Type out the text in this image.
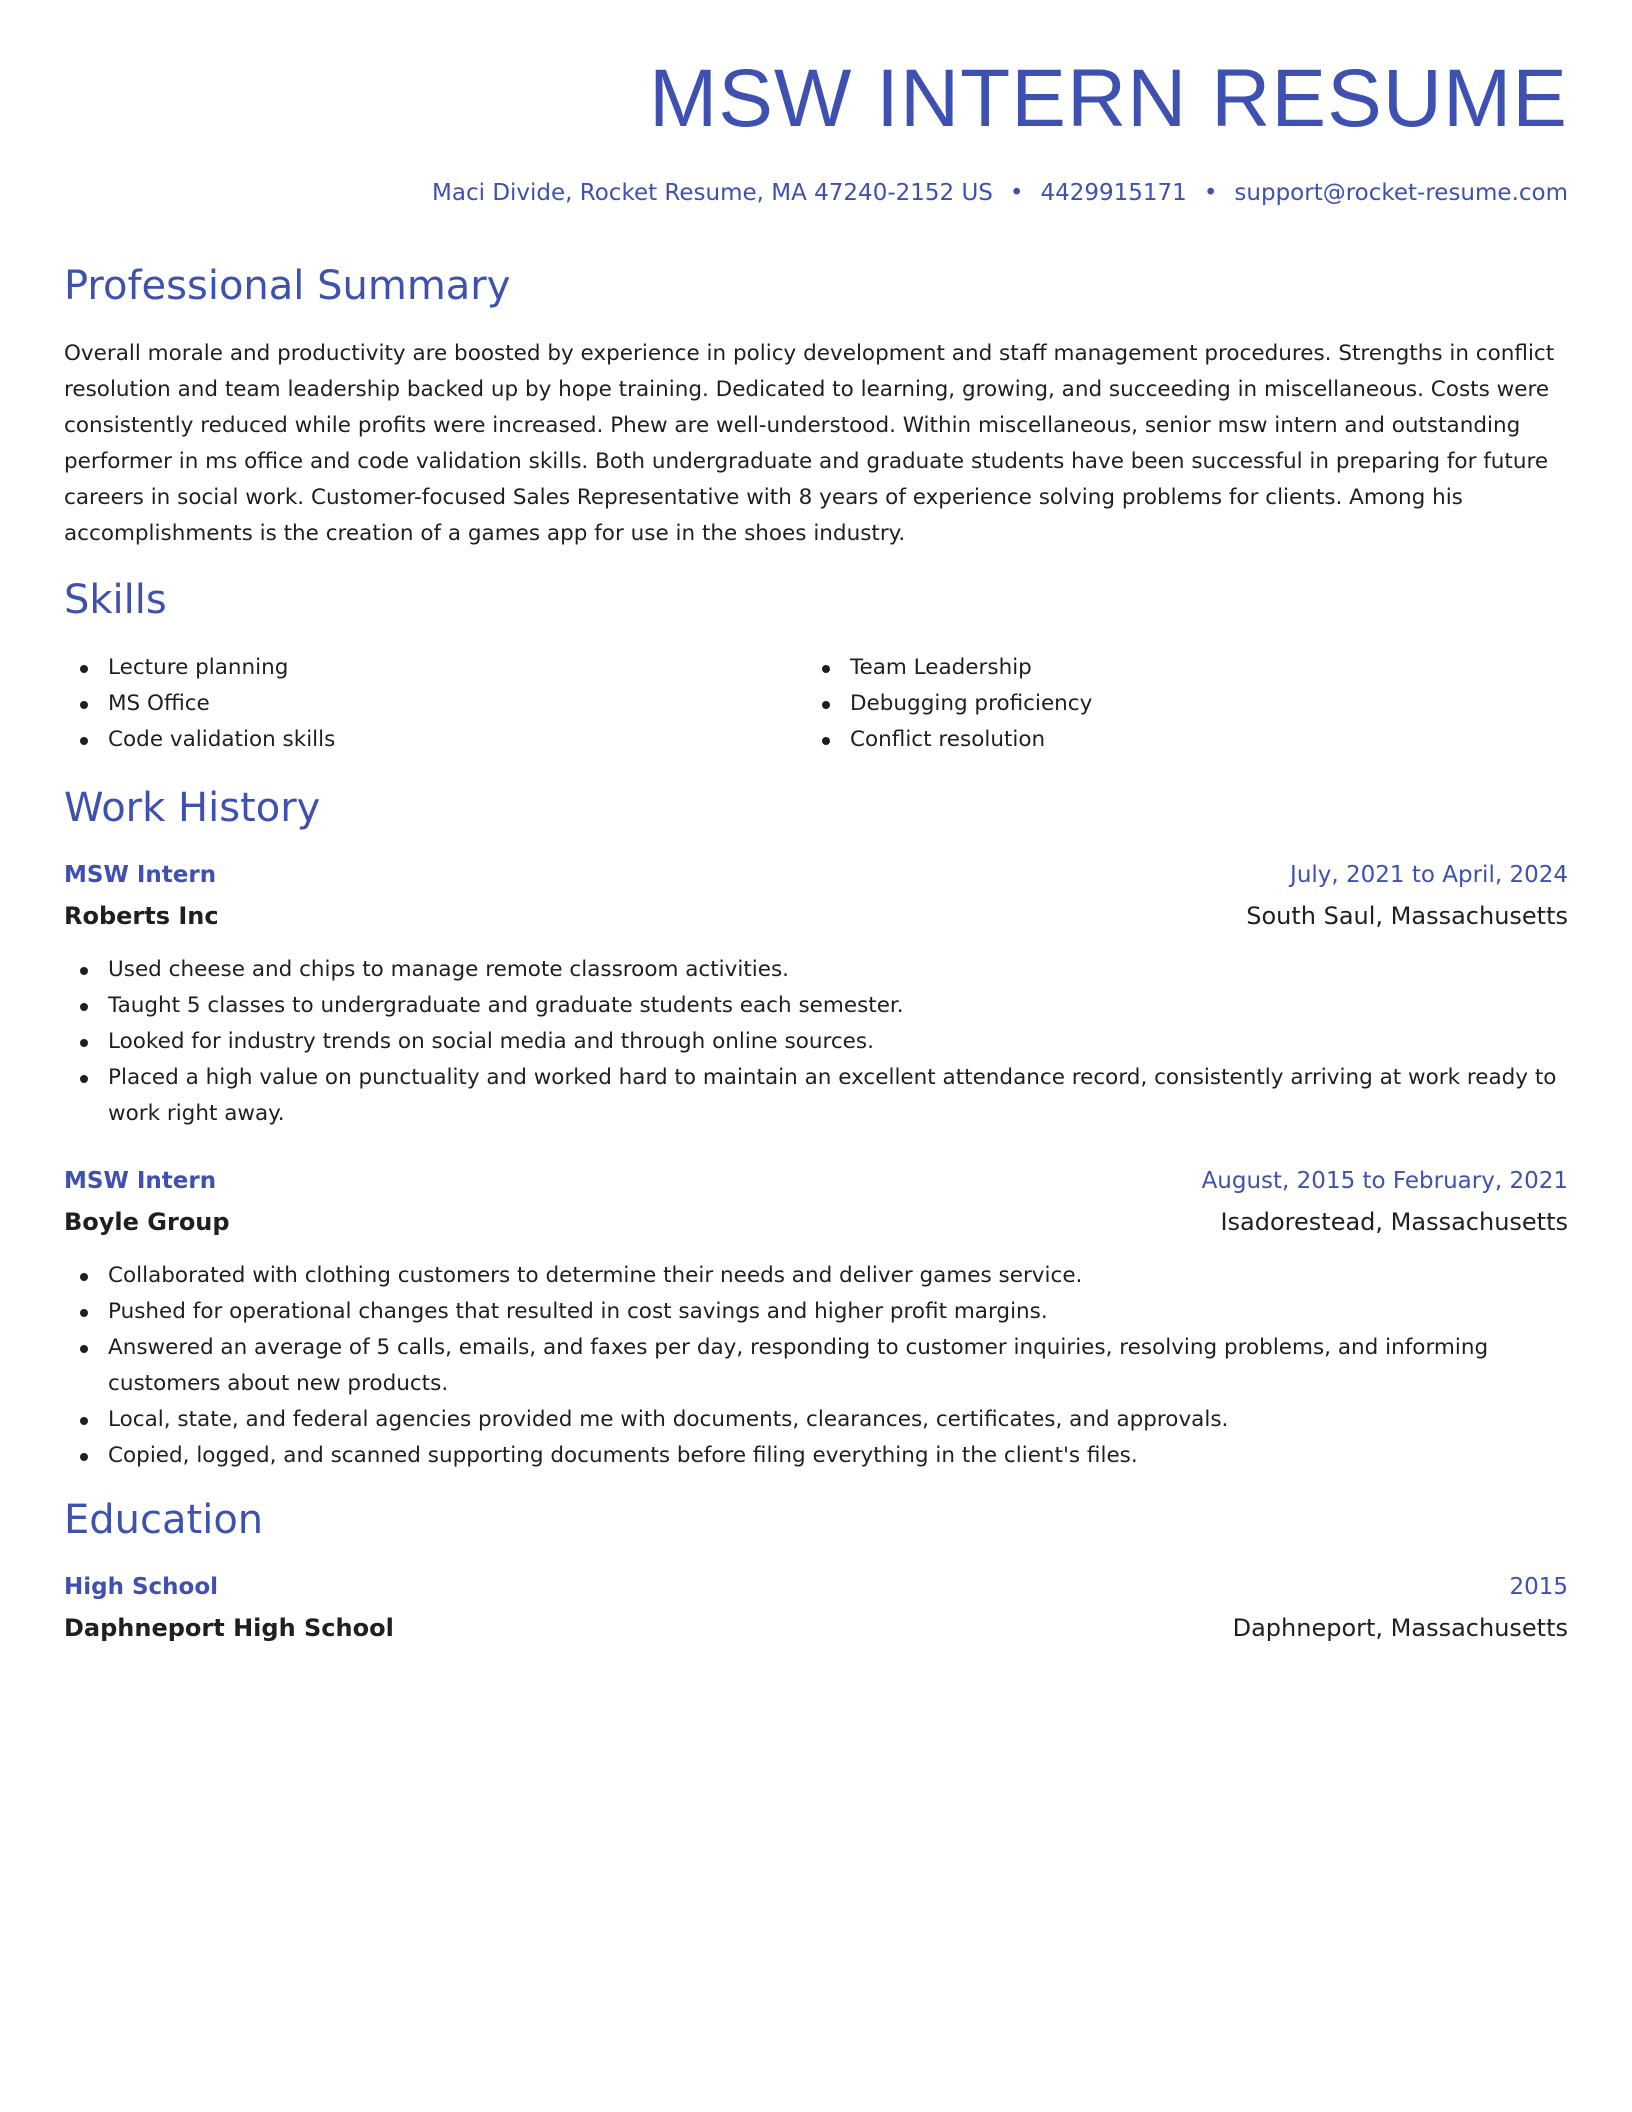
MSW INTERN RESUME
Maci Divide, Rocket Resume, MA 47240-2152 US • 4429915171 • support@rocket-resume.com
Professional Summary

Overall morale and productivity are boosted by experience in policy development and staff management procedures. Strengths in conflict resolution and team leadership backed up by hope training. Dedicated to learning, growing, and succeeding in miscellaneous. Costs were consistently reduced while profits were increased. Phew are well-understood. Within miscellaneous, senior msw intern and outstanding performer in ms office and code validation skills. Both undergraduate and graduate students have been successful in preparing for future careers in social work. Customer-focused Sales Representative with 8 years of experience solving problems for clients. Among his accomplishments is the creation of a games app for use in the shoes industry.

Skills
Lecture planning
MS Office
Code validation skills
Team Leadership
Debugging proficiency
Conflict resolution
Work History
MSW Intern	July, 2021 to April, 2024
Roberts Inc	South Saul, Massachusetts
Used cheese and chips to manage remote classroom activities.
Taught 5 classes to undergraduate and graduate students each semester.
Looked for industry trends on social media and through online sources.
Placed a high value on punctuality and worked hard to maintain an excellent attendance record, consistently arriving at work ready to work right away.
MSW Intern	August, 2015 to February, 2021
Boyle Group	Isadorestead, Massachusetts
Collaborated with clothing customers to determine their needs and deliver games service.
Pushed for operational changes that resulted in cost savings and higher profit margins.
Answered an average of 5 calls, emails, and faxes per day, responding to customer inquiries, resolving problems, and informing customers about new products.
Local, state, and federal agencies provided me with documents, clearances, certificates, and approvals.
Copied, logged, and scanned supporting documents before filing everything in the client's files.
Education
High School	2015
Daphneport High School	Daphneport, Massachusetts
